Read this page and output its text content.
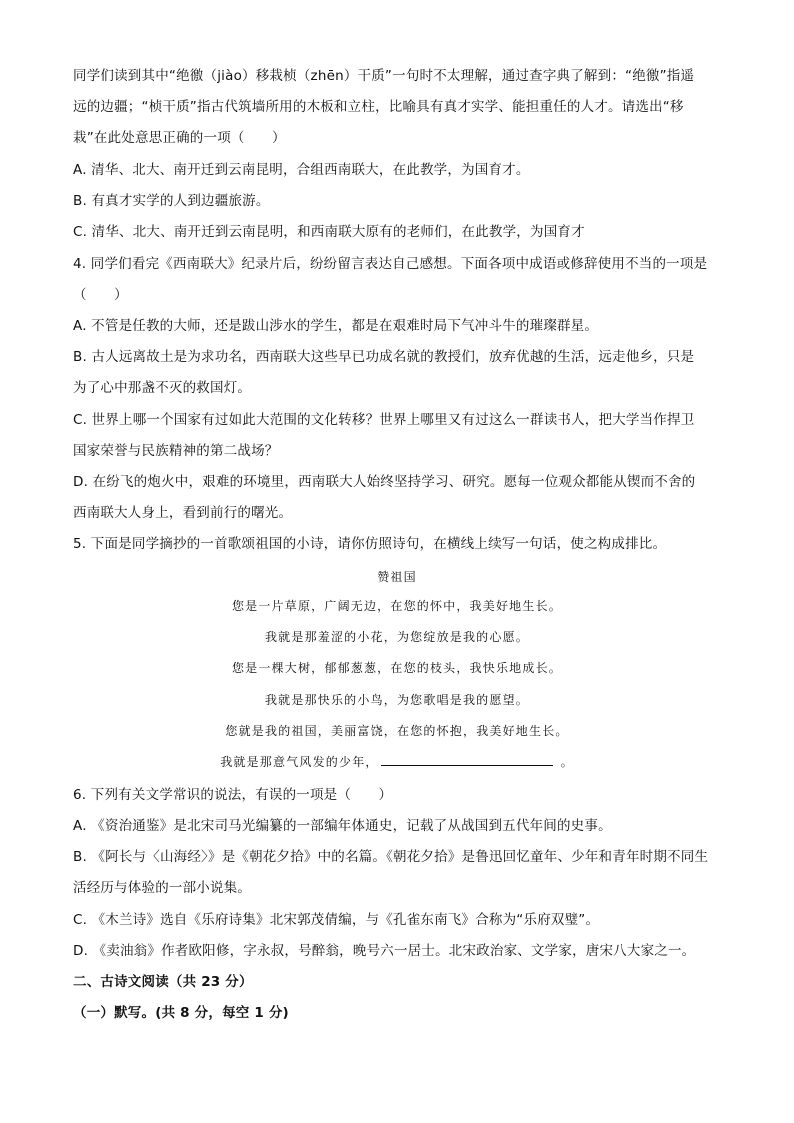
同学们读到其中“绝徼（jiào）移栽桢（zhēn）干质”一句时不太理解，通过查字典了解到：“绝徼”指遥
远的边疆；“桢干质”指古代筑墙所用的木板和立柱，比喻具有真才实学、能担重任的人才。请选出“移
栽”在此处意思正确的一项（　　）
A. 清华、北大、南开迁到云南昆明，合组西南联大，在此教学，为国育才。
B. 有真才实学的人到边疆旅游。
C. 清华、北大、南开迁到云南昆明，和西南联大原有的老师们，在此教学，为国育才
4. 同学们看完《西南联大》纪录片后，纷纷留言表达自己感想。下面各项中成语或修辞使用不当的一项是
（　　）
A. 不管是任教的大师，还是跋山涉水的学生，都是在艰难时局下气冲斗牛的璀璨群星。
B. 古人远离故土是为求功名，西南联大这些早已功成名就的教授们，放弃优越的生活，远走他乡，只是
为了心中那盏不灭的救国灯。
C. 世界上哪一个国家有过如此大范围的文化转移？世界上哪里又有过这么一群读书人，把大学当作捍卫
国家荣誉与民族精神的第二战场？
D. 在纷飞的炮火中，艰难的环境里，西南联大人始终坚持学习、研究。愿每一位观众都能从锲而不舍的
西南联大人身上，看到前行的曙光。
5. 下面是同学摘抄的一首歌颂祖国的小诗，请你仿照诗句，在横线上续写一句话，使之构成排比。
赞祖国
您是一片草原，广阔无边，在您的怀中，我美好地生长。
我就是那羞涩的小花，为您绽放是我的心愿。
您是一棵大树，郁郁葱葱，在您的枝头，我快乐地成长。
我就是那快乐的小鸟，为您歌唱是我的愿望。
您就是我的祖国，美丽富饶，在您的怀抱，我美好地生长。
我就是那意气风发的少年，	。
6. 下列有关文学常识的说法，有误的一项是（　　）
A. 《资治通鉴》是北宋司马光编纂的一部编年体通史，记载了从战国到五代年间的史事。
B. 《阿长与〈山海经〉》是《朝花夕拾》中的名篇。《朝花夕拾》是鲁迅回忆童年、少年和青年时期不同生
活经历与体验的一部小说集。
C. 《木兰诗》选自《乐府诗集》北宋郭茂倩编，与《孔雀东南飞》合称为“乐府双璧”。
D. 《卖油翁》作者欧阳修，字永叔，号醉翁，晚号六一居士。北宋政治家、文学家，唐宋八大家之一。
二、古诗文阅读（共 23 分）
（一）默写。(共 8 分，每空 1 分)
